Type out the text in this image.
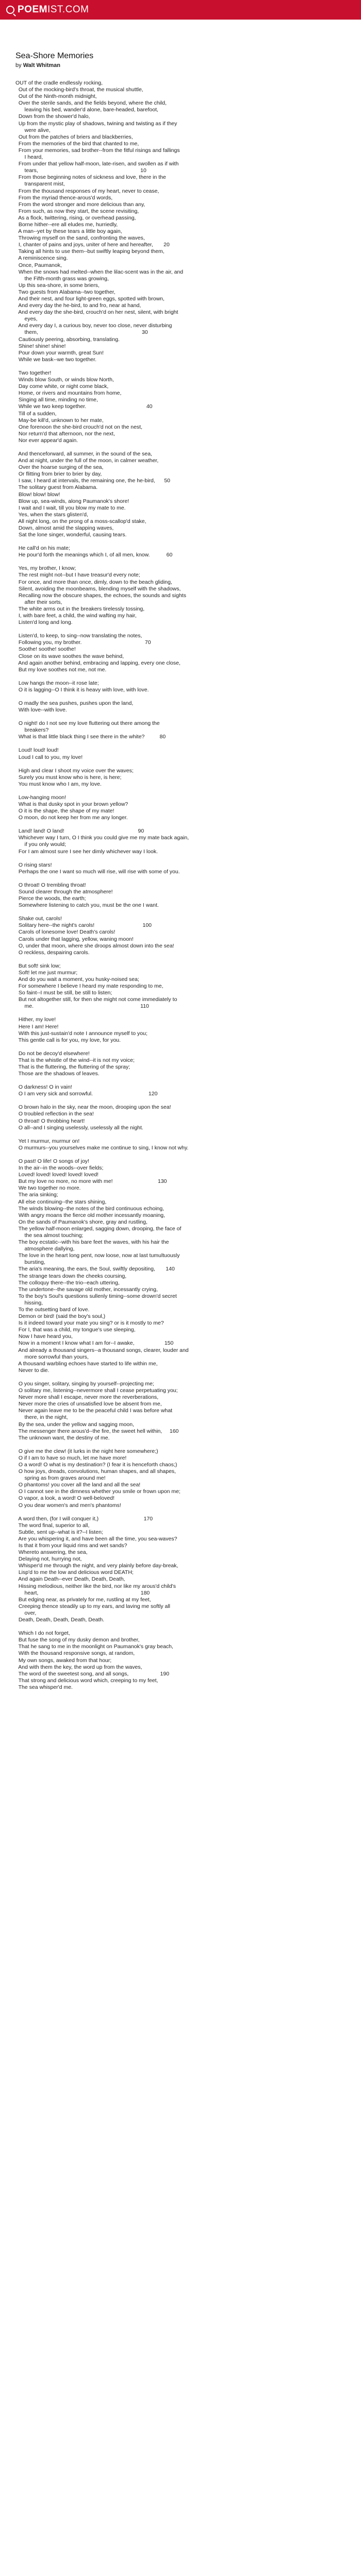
POEM IST.COM
Sea-Shore Memories
by Walt Whitman
OUT of the cradle endlessly rocking,
Out of the mocking-bird's throat, the musical shuttle,
Out of the Ninth-month midnight,
Over the sterile sands, and the fields beyond, where the child,
leaving his bed, wander'd alone, bare-headed, barefoot,
Down from the shower'd halo,
Up from the mystic play of shadows, twining and twisting as if they
were alive,
Out from the patches of briers and blackberries,
From the memories of the bird that chanted to me,
From your memories, sad brother--from the fitful risings and fallings
I heard,
From under that yellow half-moon, late-risen, and swollen as if with
tears,                                                                    10
From those beginning notes of sickness and love, there in the
transparent mist,
From the thousand responses of my heart, never to cease,
From the myriad thence-arous'd words,
From the word stronger and more delicious than any,
From such, as now they start, the scene revisiting,
As a flock, twittering, rising, or overhead passing,
Borne hither--ere all eludes me, hurriedly,
A man--yet by these tears a little boy again,
Throwing myself on the sand, confronting the waves,
I, chanter of pains and joys, uniter of here and hereafter,       20
Taking all hints to use them--but swiftly leaping beyond them,
A reminiscence sing.
Once, Paumanok,
When the snows had melted--when the lilac-scent was in the air, and
the Fifth-month grass was growing,
Up this sea-shore, in some briers,
Two guests from Alabama--two together,
And their nest, and four light-green eggs, spotted with brown,
And every day the he-bird, to and fro, near at hand,
And every day the she-bird, crouch'd on her nest, silent, with bright
eyes,
And every day I, a curious boy, never too close, never disturbing
them,                                                                     30
Cautiously peering, absorbing, translating.
Shine! shine! shine!
Pour down your warmth, great Sun!
While we bask--we two together.
Two together!
Winds blow South, or winds blow North,
Day come white, or night come black,
Home, or rivers and mountains from home,
Singing all time, minding no time,
While we two keep together.                                        40
Till of a sudden,
May-be kill'd, unknown to her mate,
One forenoon the she-bird crouch'd not on the nest,
Nor return'd that afternoon, nor the next,
Nor ever appear'd again.
And thenceforward, all summer, in the sound of the sea,
And at night, under the full of the moon, in calmer weather,
Over the hoarse surging of the sea,
Or flitting from brier to brier by day,
I saw, I heard at intervals, the remaining one, the he-bird,      50
The solitary guest from Alabama.
Blow! blow! blow!
Blow up, sea-winds, along Paumanok's shore!
I wait and I wait, till you blow my mate to me.
Yes, when the stars glisten'd,
All night long, on the prong of a moss-scallop'd stake,
Down, almost amid the slapping waves,
Sat the lone singer, wonderful, causing tears.
He call'd on his mate;
He pour'd forth the meanings which I, of all men, know.           60
Yes, my brother, I know;
The rest might not--but I have treasur'd every note;
For once, and more than once, dimly, down to the beach gliding,
Silent, avoiding the moonbeams, blending myself with the shadows,
Recalling now the obscure shapes, the echoes, the sounds and sights
after their sorts,
The white arms out in the breakers tirelessly tossing,
I, with bare feet, a child, the wind wafting my hair,
Listen'd long and long.
Listen'd, to keep, to sing--now translating the notes,
Following you, my brother.                                          70
Soothe! soothe! soothe!
Close on its wave soothes the wave behind,
And again another behind, embracing and lapping, every one close,
But my love soothes not me, not me.
Low hangs the moon--it rose late;
O it is lagging--O I think it is heavy with love, with love.
O madly the sea pushes, pushes upon the land,
With love--with love.
O night! do I not see my love fluttering out there among the
breakers?
What is that little black thing I see there in the white?          80
Loud! loud! loud!
Loud I call to you, my love!
High and clear I shoot my voice over the waves;
Surely you must know who is here, is here;
You must know who I am, my love.
Low-hanging moon!
What is that dusky spot in your brown yellow?
O it is the shape, the shape of my mate!
O moon, do not keep her from me any longer.
Land! land! O land!                                                 90
Whichever way I turn, O I think you could give me my mate back again,
if you only would;
For I am almost sure I see her dimly whichever way I look.
O rising stars!
Perhaps the one I want so much will rise, will rise with some of you.
O throat! O trembling throat!
Sound clearer through the atmosphere!
Pierce the woods, the earth;
Somewhere listening to catch you, must be the one I want.
Shake out, carols!
Solitary here--the night's carols!                                100
Carols of lonesome love! Death's carols!
Carols under that lagging, yellow, waning moon!
O, under that moon, where she droops almost down into the sea!
O reckless, despairing carols.
But soft! sink low;
Soft! let me just murmur;
And do you wait a moment, you husky-noised sea;
For somewhere I believe I heard my mate responding to me,
So faint--I must be still, be still to listen;
But not altogether still, for then she might not come immediately to
me.                                                                       110
Hither, my love!
Here I am! Here!
With this just-sustain'd note I announce myself to you;
This gentle call is for you, my love, for you.
Do not be decoy'd elsewhere!
That is the whistle of the wind--it is not my voice;
That is the fluttering, the fluttering of the spray;
Those are the shadows of leaves.
O darkness! O in vain!
O I am very sick and sorrowful.                                     120
O brown halo in the sky, near the moon, drooping upon the sea!
O troubled reflection in the sea!
O throat! O throbbing heart!
O all--and I singing uselessly, uselessly all the night.
Yet I murmur, murmur on!
O murmurs--you yourselves make me continue to sing, I know not why.
O past! O life! O songs of joy!
In the air--in the woods--over fields;
Loved! loved! loved! loved! loved!
But my love no more, no more with me!                              130
We two together no more.
The aria sinking;
All else continuing--the stars shining,
The winds blowing--the notes of the bird continuous echoing,
With angry moans the fierce old mother incessantly moaning,
On the sands of Paumanok's shore, gray and rustling,
The yellow half-moon enlarged, sagging down, drooping, the face of
the sea almost touching;
The boy ecstatic--with his bare feet the waves, with his hair the
atmosphere dallying,
The love in the heart long pent, now loose, now at last tumultuously
bursting,
The aria's meaning, the ears, the Soul, swiftly depositing,       140
The strange tears down the cheeks coursing,
The colloquy there--the trio--each uttering,
The undertone--the savage old mother, incessantly crying,
To the boy's Soul's questions sullenly timing--some drown'd secret
hissing,
To the outsetting bard of love.
Demon or bird! (said the boy's soul,)
Is it indeed toward your mate you sing? or is it mostly to me?
For I, that was a child, my tongue's use sleeping,
Now I have heard you,
Now in a moment I know what I am for--I awake,                    150
And already a thousand singers--a thousand songs, clearer, louder and
more sorrowful than yours,
A thousand warbling echoes have started to life within me,
Never to die.
O you singer, solitary, singing by yourself--projecting me;
O solitary me, listening--nevermore shall I cease perpetuating you;
Never more shall I escape, never more the reverberations,
Never more the cries of unsatisfied love be absent from me,
Never again leave me to be the peaceful child I was before what
there, in the night,
By the sea, under the yellow and sagging moon,
The messenger there arous'd--the fire, the sweet hell within,     160
The unknown want, the destiny of me.
O give me the clew! (it lurks in the night here somewhere;)
O if I am to have so much, let me have more!
O a word! O what is my destination? (I fear it is henceforth chaos;)
O how joys, dreads, convolutions, human shapes, and all shapes,
spring as from graves around me!
O phantoms! you cover all the land and all the sea!
O I cannot see in the dimness whether you smile or frown upon me;
O vapor, a look, a word! O well-beloved!
O you dear women's and men's phantoms!
A word then, (for I will conquer it,)                              170
The word final, superior to all,
Subtle, sent up--what is it?--I listen;
Are you whispering it, and have been all the time, you sea-waves?
Is that it from your liquid rims and wet sands?
Whereto answering, the sea,
Delaying not, hurrying not,
Whisper'd me through the night, and very plainly before day-break,
Lisp'd to me the low and delicious word DEATH;
And again Death--ever Death, Death, Death,
Hissing melodious, neither like the bird, nor like my arous'd child's
heart,                                                                    180
But edging near, as privately for me, rustling at my feet,
Creeping thence steadily up to my ears, and laving me softly all
over,
Death, Death, Death, Death, Death.
Which I do not forget,
But fuse the song of my dusky demon and brother,
That he sang to me in the moonlight on Paumanok's gray beach,
With the thousand responsive songs, at random,
My own songs, awaked from that hour;
And with them the key, the word up from the waves,
The word of the sweetest song, and all songs,                     190
That strong and delicious word which, creeping to my feet,
The sea whisper'd me.
